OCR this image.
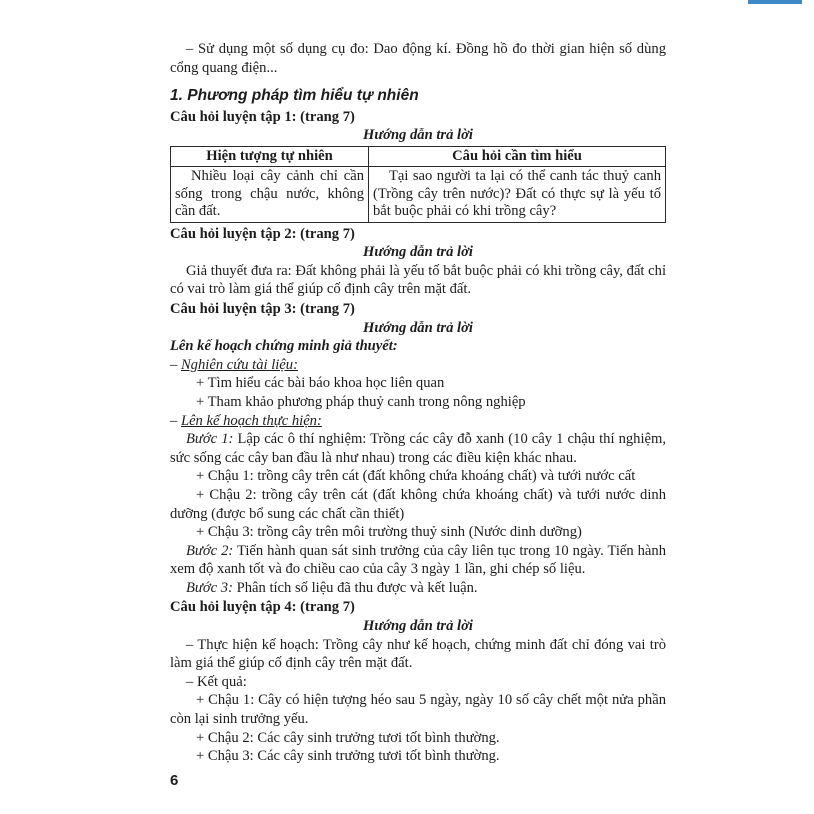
– Sử dụng một số dụng cụ đo: Dao động kí. Đồng hồ đo thời gian hiện số dùng cổng quang điện...

1. Phương pháp tìm hiểu tự nhiên
Câu hỏi luyện tập 1: (trang 7)
Hướng dẫn trả lời
Hiện tượng tự nhiên	Câu hỏi cần tìm hiểu
Nhiều loại cây cảnh chỉ cần sống trong chậu nước, không cần đất.	Tại sao người ta lại có thể canh tác thuỷ canh (Trồng cây trên nước)? Đất có thực sự là yếu tố bắt buộc phải có khi trồng cây?
Câu hỏi luyện tập 2: (trang 7)
Hướng dẫn trả lời

Giả thuyết đưa ra: Đất không phải là yếu tố bắt buộc phải có khi trồng cây, đất chỉ có vai trò làm giá thể giúp cố định cây trên mặt đất.

Câu hỏi luyện tập 3: (trang 7)
Hướng dẫn trả lời
Lên kế hoạch chứng minh giả thuyết:
– Nghiên cứu tài liệu:

+ Tìm hiểu các bài báo khoa học liên quan

+ Tham khảo phương pháp thuỷ canh trong nông nghiệp

– Lên kế hoạch thực hiện:

Bước 1: Lập các ô thí nghiệm: Trồng các cây đỗ xanh (10 cây 1 chậu thí nghiệm, sức sống các cây ban đầu là như nhau) trong các điều kiện khác nhau.

+ Chậu 1: trồng cây trên cát (đất không chứa khoáng chất) và tưới nước cất

+ Chậu 2: trồng cây trên cát (đất không chứa khoáng chất) và tưới nước dinh dưỡng (được bổ sung các chất cần thiết)

+ Chậu 3: trồng cây trên môi trường thuỷ sinh (Nước dinh dưỡng)

Bước 2: Tiến hành quan sát sinh trưởng của cây liên tục trong 10 ngày. Tiến hành xem độ xanh tốt và đo chiều cao của cây 3 ngày 1 lần, ghi chép số liệu.

Bước 3: Phân tích số liệu đã thu được và kết luận.

Câu hỏi luyện tập 4: (trang 7)
Hướng dẫn trả lời

– Thực hiện kế hoạch: Trồng cây như kế hoạch, chứng minh đất chỉ đóng vai trò làm giá thể giúp cố định cây trên mặt đất.

– Kết quả:

+ Chậu 1: Cây có hiện tượng héo sau 5 ngày, ngày 10 số cây chết một nửa phần còn lại sinh trưởng yếu.

+ Chậu 2: Các cây sinh trưởng tươi tốt bình thường.

+ Chậu 3: Các cây sinh trưởng tươi tốt bình thường.

6
